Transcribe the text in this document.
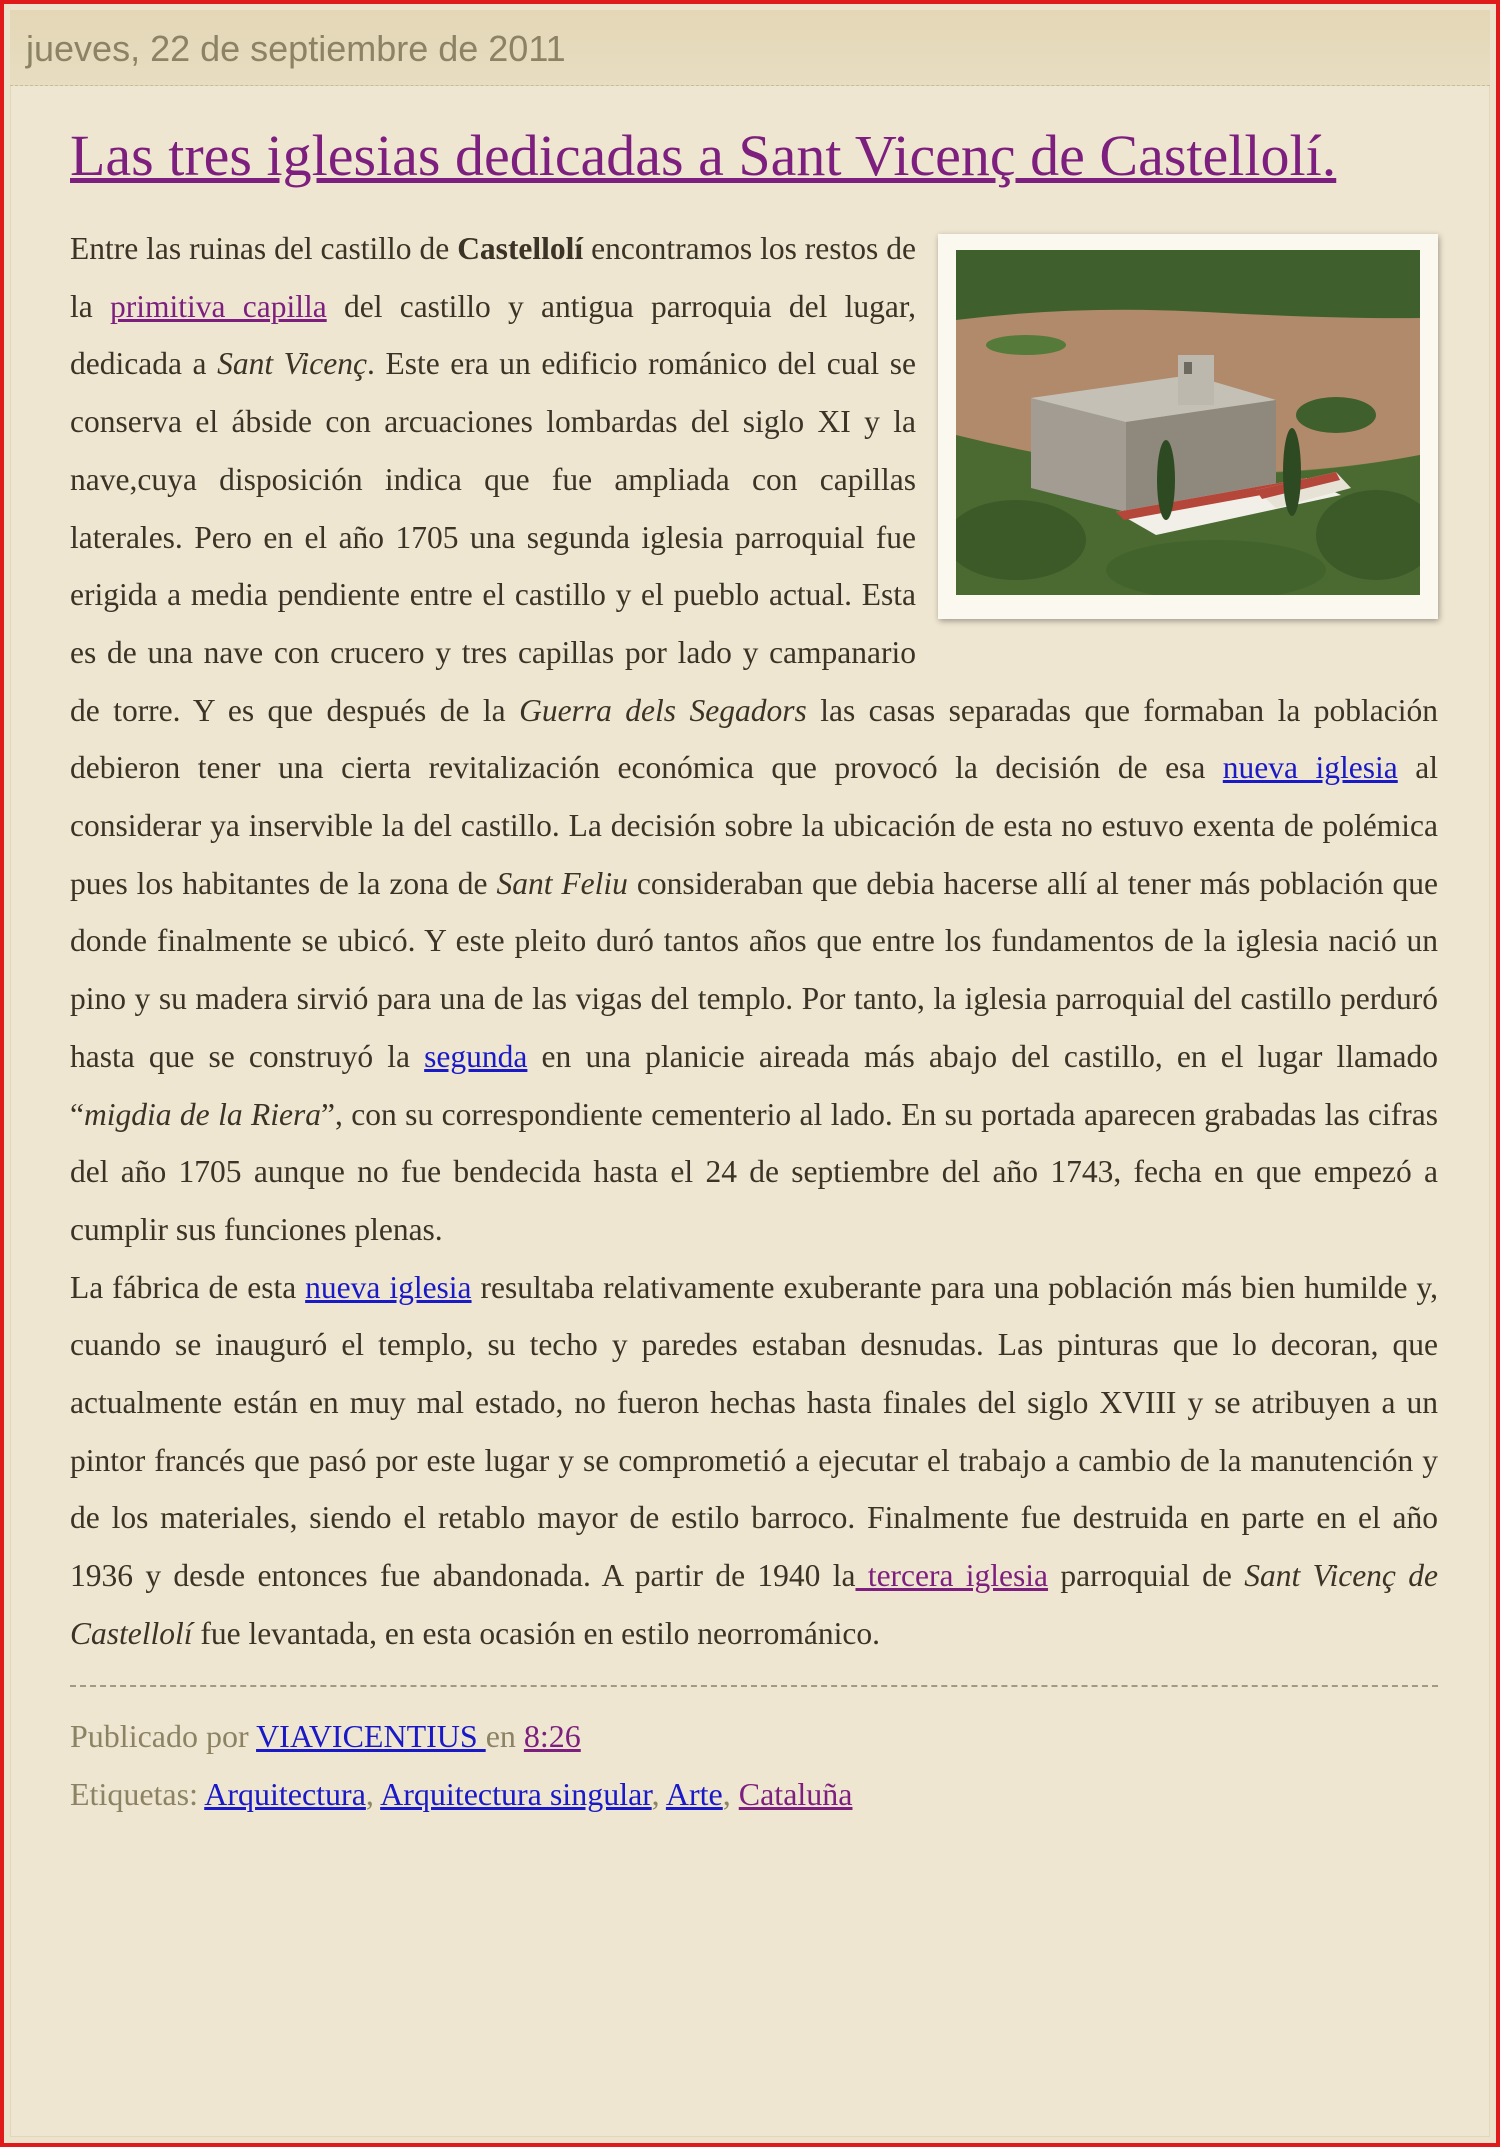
jueves, 22 de septiembre de 2011
Las tres iglesias dedicadas a Sant Vicenç de Castellolí.

Entre las ruinas del castillo de Castellolí encontramos los restos de la primitiva capilla del castillo y antigua parroquia del lugar, dedicada a Sant Vicenç. Este era un edificio románico del cual se conserva el ábside con arcuaciones lombardas del siglo XI y la nave,cuya disposición indica que fue ampliada con capillas laterales. Pero en el año 1705 una segunda iglesia parroquial fue erigida a media pendiente entre el castillo y el pueblo actual. Esta es de una nave con crucero y tres capillas por lado y campanario de torre. Y es que después de la Guerra dels Segadors las casas separadas que formaban la población debieron tener una cierta revitalización económica que provocó la decisión de esa nueva iglesia al considerar ya inservible la del castillo. La decisión sobre la ubicación de esta no estuvo exenta de polémica pues los habitantes de la zona de Sant Feliu consideraban que debia hacerse allí al tener más población que donde finalmente se ubicó. Y este pleito duró tantos años que entre los fundamentos de la iglesia nació un pino y su madera sirvió para una de las vigas del templo. Por tanto, la iglesia parroquial del castillo perduró hasta que se construyó la segunda en una planicie aireada más abajo del castillo, en el lugar llamado “migdia de la Riera”, con su correspondiente cementerio al lado. En su portada aparecen grabadas las cifras del año 1705 aunque no fue bendecida hasta el 24 de septiembre del año 1743, fecha en que empezó a cumplir sus funciones plenas.

La fábrica de esta nueva iglesia resultaba relativamente exuberante para una población más bien humilde y, cuando se inauguró el templo, su techo y paredes estaban desnudas. Las pinturas que lo decoran, que actualmente están en muy mal estado, no fueron hechas hasta finales del siglo XVIII y se atribuyen a un pintor francés que pasó por este lugar y se comprometió a ejecutar el trabajo a cambio de la manutención y de los materiales, siendo el retablo mayor de estilo barroco. Finalmente fue destruida en parte en el año 1936 y desde entonces fue abandonada. A partir de 1940 la tercera iglesia parroquial de Sant Vicenç de Castellolí fue levantada, en esta ocasión en estilo neorrománico.

Publicado por VIAVICENTIUS en 8:26
Etiquetas: Arquitectura, Arquitectura singular, Arte, Cataluña
